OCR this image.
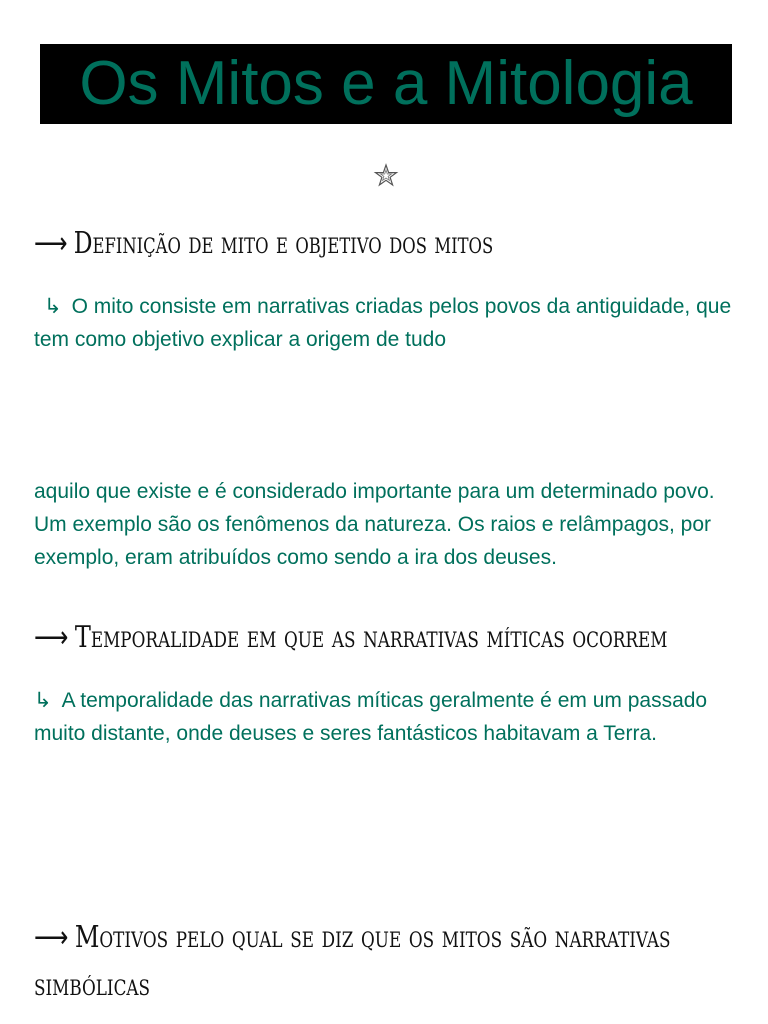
Os Mitos e a Mitologia
⟶ Definição de mito e objetivo dos mitos
↳ O mito consiste em narrativas criadas pelos povos da antiguidade, que tem como objetivo explicar a origem de tudo
aquilo que existe e é considerado importante para um determinado povo. Um exemplo são os fenômenos da natureza. Os raios e relâmpagos, por exemplo, eram atribuídos como sendo a ira dos deuses.
⟶ Temporalidade em que as narrativas míticas ocorrem
↳ A temporalidade das narrativas míticas geralmente é em um passado muito distante, onde deuses e seres fantásticos habitavam a Terra.
⟶ Motivos pelo qual se diz que os mitos são narrativas simbólicas
